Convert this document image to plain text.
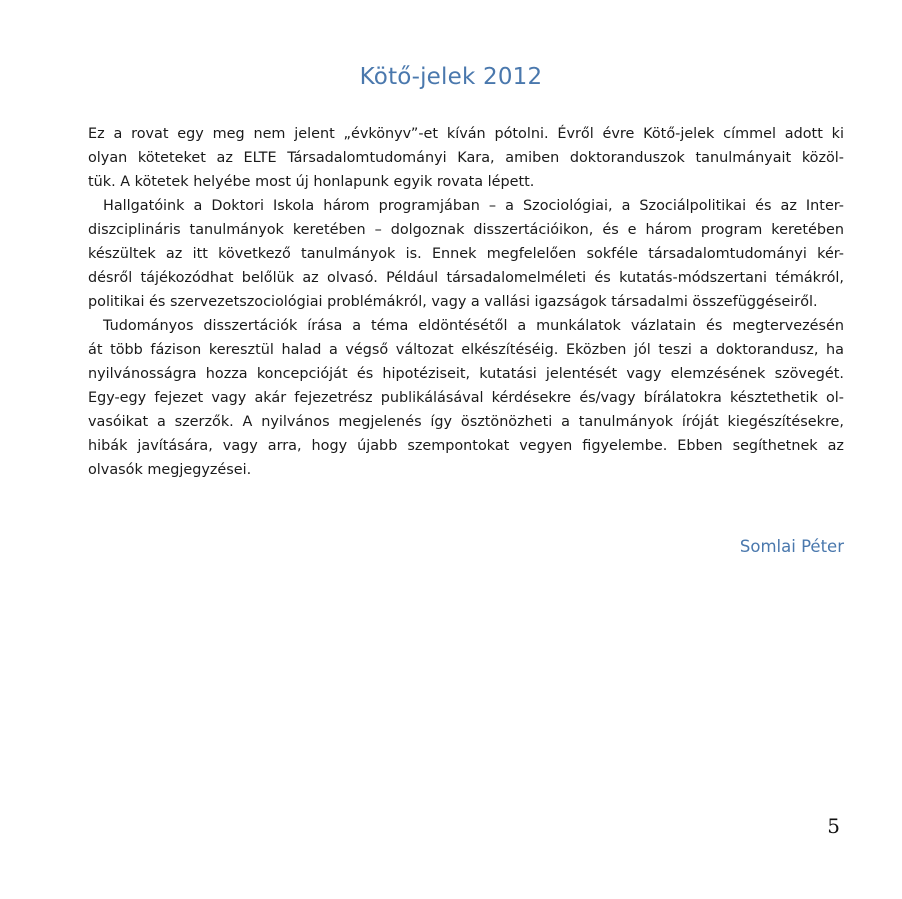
Kötő-jelek 2012
Ez a rovat egy meg nem jelent „évkönyv”-et kíván pótolni. Évről évre Kötő-jelek címmel adott ki
olyan köteteket az ELTE Társadalomtudományi Kara, amiben doktoranduszok tanulmányait közöl-
tük. A kötetek helyébe most új honlapunk egyik rovata lépett.
Hallgatóink a Doktori Iskola három programjában – a Szociológiai, a Szociálpolitikai és az Inter-
diszciplináris tanulmányok keretében – dolgoznak disszertációikon, és e három program keretében
készültek az itt következő tanulmányok is. Ennek megfelelően sokféle társadalomtudományi kér-
désről tájékozódhat belőlük az olvasó. Például társadalomelméleti és kutatás-módszertani témákról,
politikai és szervezetszociológiai problémákról, vagy a vallási igazságok társadalmi összefüggéseiről.
Tudományos disszertációk írása a téma eldöntésétől a munkálatok vázlatain és megtervezésén
át több fázison keresztül halad a végső változat elkészítéséig. Eközben jól teszi a doktorandusz, ha
nyilvánosságra hozza koncepcióját és hipotéziseit, kutatási jelentését vagy elemzésének szövegét.
Egy-egy fejezet vagy akár fejezetrész publikálásával kérdésekre és/vagy bírálatokra késztethetik ol-
vasóikat a szerzők. A nyilvános megjelenés így ösztönözheti a tanulmányok íróját kiegészítésekre,
hibák javítására, vagy arra, hogy újabb szempontokat vegyen figyelembe. Ebben segíthetnek az
olvasók megjegyzései.
Somlai Péter
5
